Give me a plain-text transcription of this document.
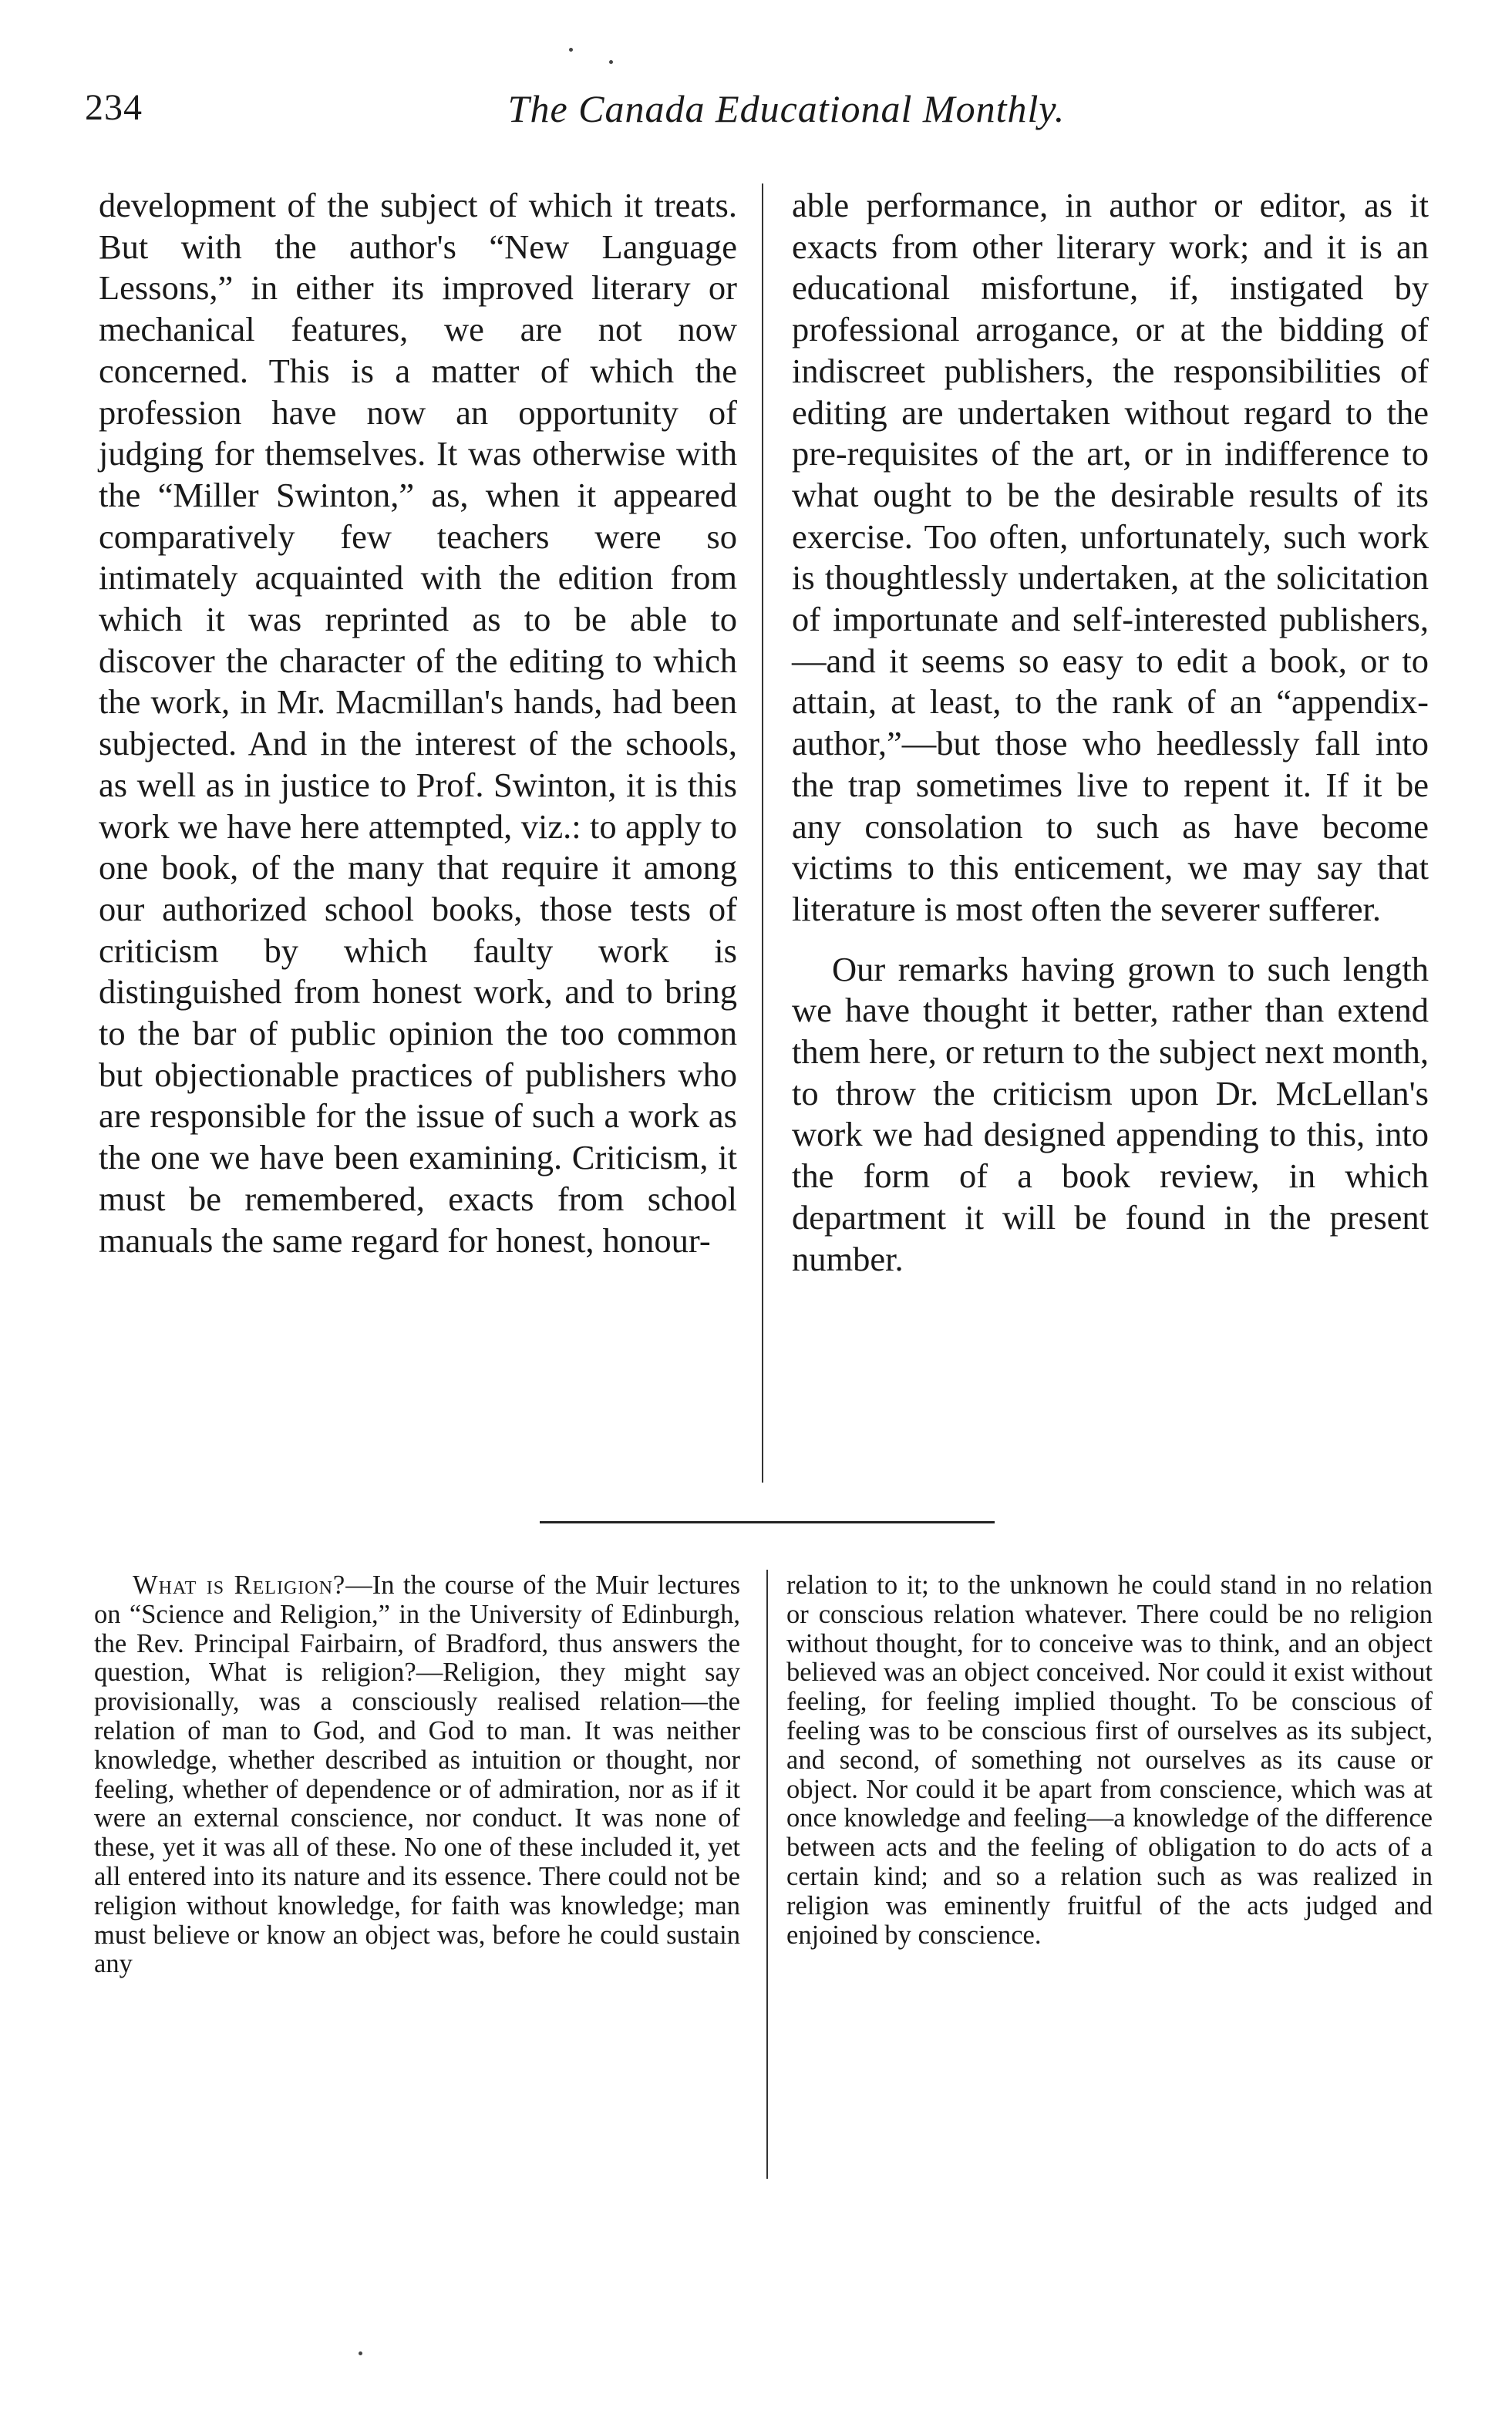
234	The Canada Educational Monthly.

development of the subject of which it treats. But with the author's “New Language Lessons,” in either its improved literary or mechanical features, we are not now concerned. This is a matter of which the profession have now an opportunity of judging for themselves. It was otherwise with the “Miller Swinton,” as, when it appeared comparatively few teachers were so intimately acquainted with the edition from which it was reprinted as to be able to discover the character of the editing to which the work, in Mr. Macmillan's hands, had been subjected. And in the interest of the schools, as well as in justice to Prof. Swinton, it is this work we have here attempted, viz.: to apply to one book, of the many that require it among our authorized school books, those tests of criticism by which faulty work is distinguished from honest work, and to bring to the bar of public opinion the too common but objectionable practices of publishers who are responsible for the issue of such a work as the one we have been examining. Criticism, it must be remembered, exacts from school manuals the same regard for honest, honour-

able performance, in author or editor, as it exacts from other literary work; and it is an educational misfortune, if, instigated by professional arrogance, or at the bidding of indiscreet publishers, the responsibilities of editing are undertaken without regard to the pre-requisites of the art, or in indifference to what ought to be the desirable results of its exercise. Too often, unfortunately, such work is thoughtlessly undertaken, at the solicitation of importunate and self-interested publishers,—and it seems so easy to edit a book, or to attain, at least, to the rank of an “appendix-author,”—but those who heedlessly fall into the trap sometimes live to repent it. If it be any consolation to such as have become victims to this enticement, we may say that literature is most often the severer sufferer.

Our remarks having grown to such length we have thought it better, rather than extend them here, or return to the subject next month, to throw the criticism upon Dr. McLellan's work we had designed appending to this, into the form of a book review, in which department it will be found in the present number.

What is Religion?—In the course of the Muir lectures on “Science and Religion,” in the University of Edinburgh, the Rev. Principal Fairbairn, of Bradford, thus answers the question, What is religion?—Religion, they might say provisionally, was a consciously realised relation—the relation of man to God, and God to man. It was neither knowledge, whether described as intuition or thought, nor feeling, whether of dependence or of admiration, nor as if it were an external conscience, nor conduct. It was none of these, yet it was all of these. No one of these included it, yet all entered into its nature and its essence. There could not be religion without knowledge, for faith was knowledge; man must believe or know an object was, before he could sustain any

relation to it; to the unknown he could stand in no relation or conscious relation whatever. There could be no religion without thought, for to conceive was to think, and an object believed was an object conceived. Nor could it exist without feeling, for feeling implied thought. To be conscious of feeling was to be conscious first of ourselves as its subject, and second, of something not ourselves as its cause or object. Nor could it be apart from conscience, which was at once knowledge and feeling—a knowledge of the difference between acts and the feeling of obligation to do acts of a certain kind; and so a relation such as was realized in religion was eminently fruitful of the acts judged and enjoined by conscience.
